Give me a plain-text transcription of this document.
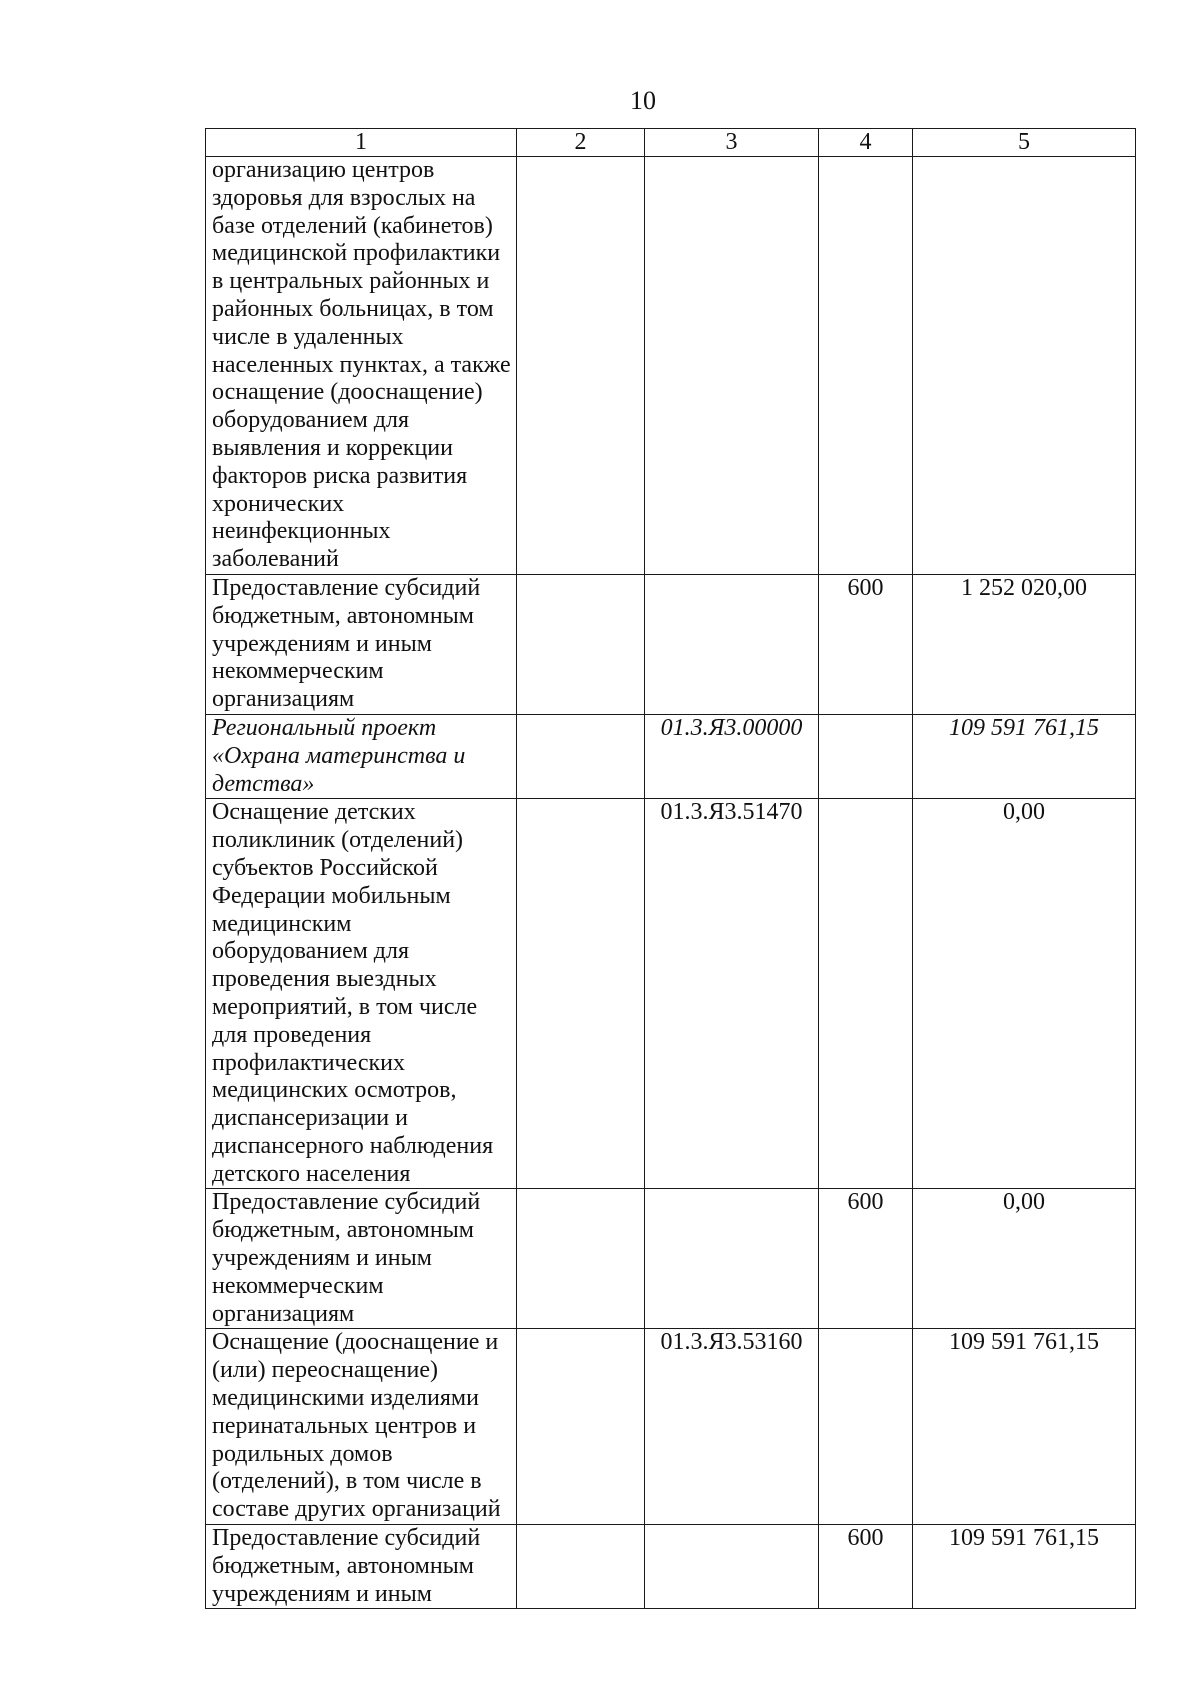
10
1	2	3	4	5
организацию центров здоровья для взрослых на базе отделений (кабинетов) медицинской профилактики в центральных районных и районных больницах, в том числе в удаленных населенных пунктах, а также оснащение (дооснащение) оборудованием для выявления и коррекции факторов риска развития хронических неинфекционных заболеваний				
Предоставление субсидий бюджетным, автономным учреждениям и иным некоммерческим организациям			600	1 252 020,00
Региональный проект «Охрана материнства и детства»		01.3.Я3.00000		109 591 761,15
Оснащение детских поликлиник (отделений) субъектов Российской Федерации мобильным медицинским оборудованием для проведения выездных мероприятий, в том числе для проведения профилактических медицинских осмотров, диспансеризации и диспансерного наблюдения детского населения		01.3.Я3.51470		0,00
Предоставление субсидий бюджетным, автономным учреждениям и иным некоммерческим организациям			600	0,00
Оснащение (дооснащение и (или) переоснащение) медицинскими изделиями перинатальных центров и родильных домов (отделений), в том числе в составе других организаций		01.3.Я3.53160		109 591 761,15
Предоставление субсидий бюджетным, автономным учреждениям и иным			600	109 591 761,15
